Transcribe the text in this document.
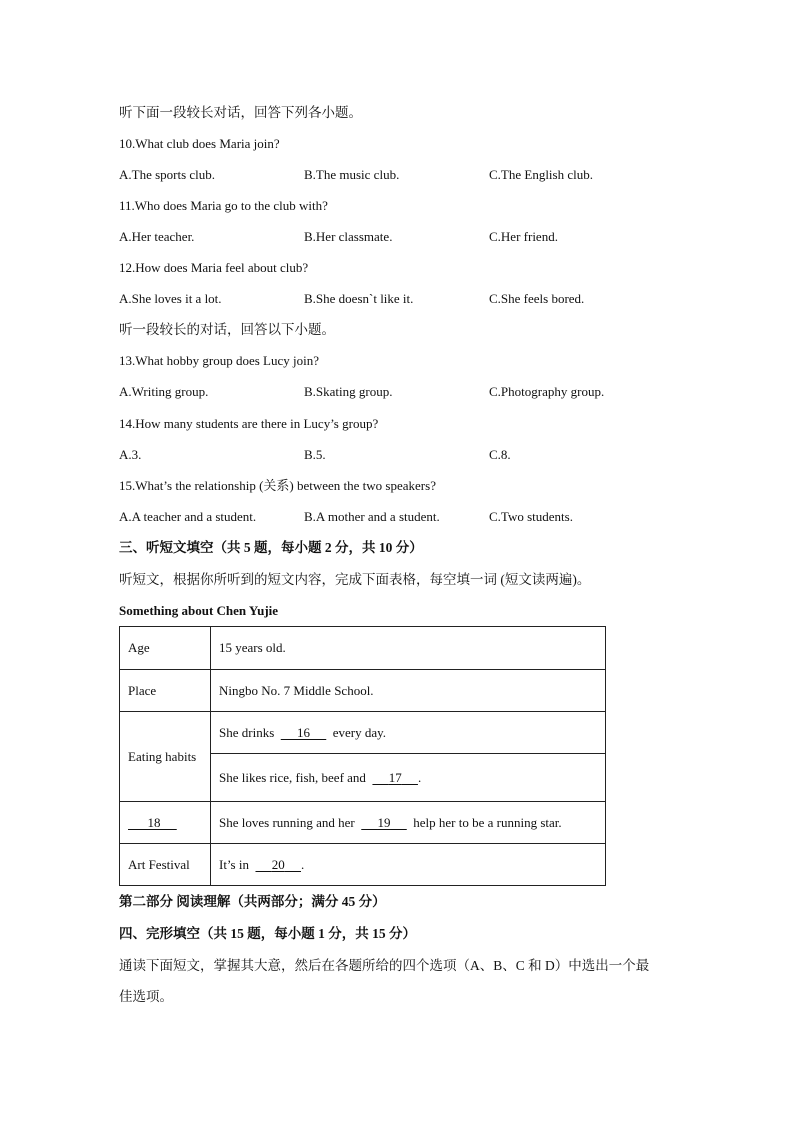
听下面一段较长对话，回答下列各小题。
10.What club does Maria join?
A.The sports club.	B.The music club.	C.The English club.
11.Who does Maria go to the club with?
A.Her teacher.	B.Her classmate.	C.Her friend.
12.How does Maria feel about club?
A.She loves it a lot.	B.She doesn`t like it.	C.She feels bored.
听一段较长的对话，回答以下小题。
13.What hobby group does Lucy join?
A.Writing group.	B.Skating group.	C.Photography group.
14.How many students are there in Lucy’s group?
A.3.	B.5.	C.8.
15.What’s the relationship (关系) between the two speakers?
A.A teacher and a student.	B.A mother and a student.	C.Two students.
三、听短文填空（共 5 题，每小题 2 分，共 10 分）
听短文，根据你所听到的短文内容，完成下面表格，每空填一词 (短文读两遍)。
Something about Chen Yujie
Age	15 years old.
Place	Ningbo No. 7 Middle School.
Eating habits	She drinks 16 every day.
	She likes rice, fish, beef and 17 .
18	She loves running and her 19 help her to be a running star.
Art Festival	It’s in 20 .
第二部分 阅读理解（共两部分；满分 45 分）
四、完形填空（共 15 题，每小题 1 分，共 15 分）
通读下面短文，掌握其大意，然后在各题所给的四个选项（A、B、C 和 D）中选出一个最
佳选项。
